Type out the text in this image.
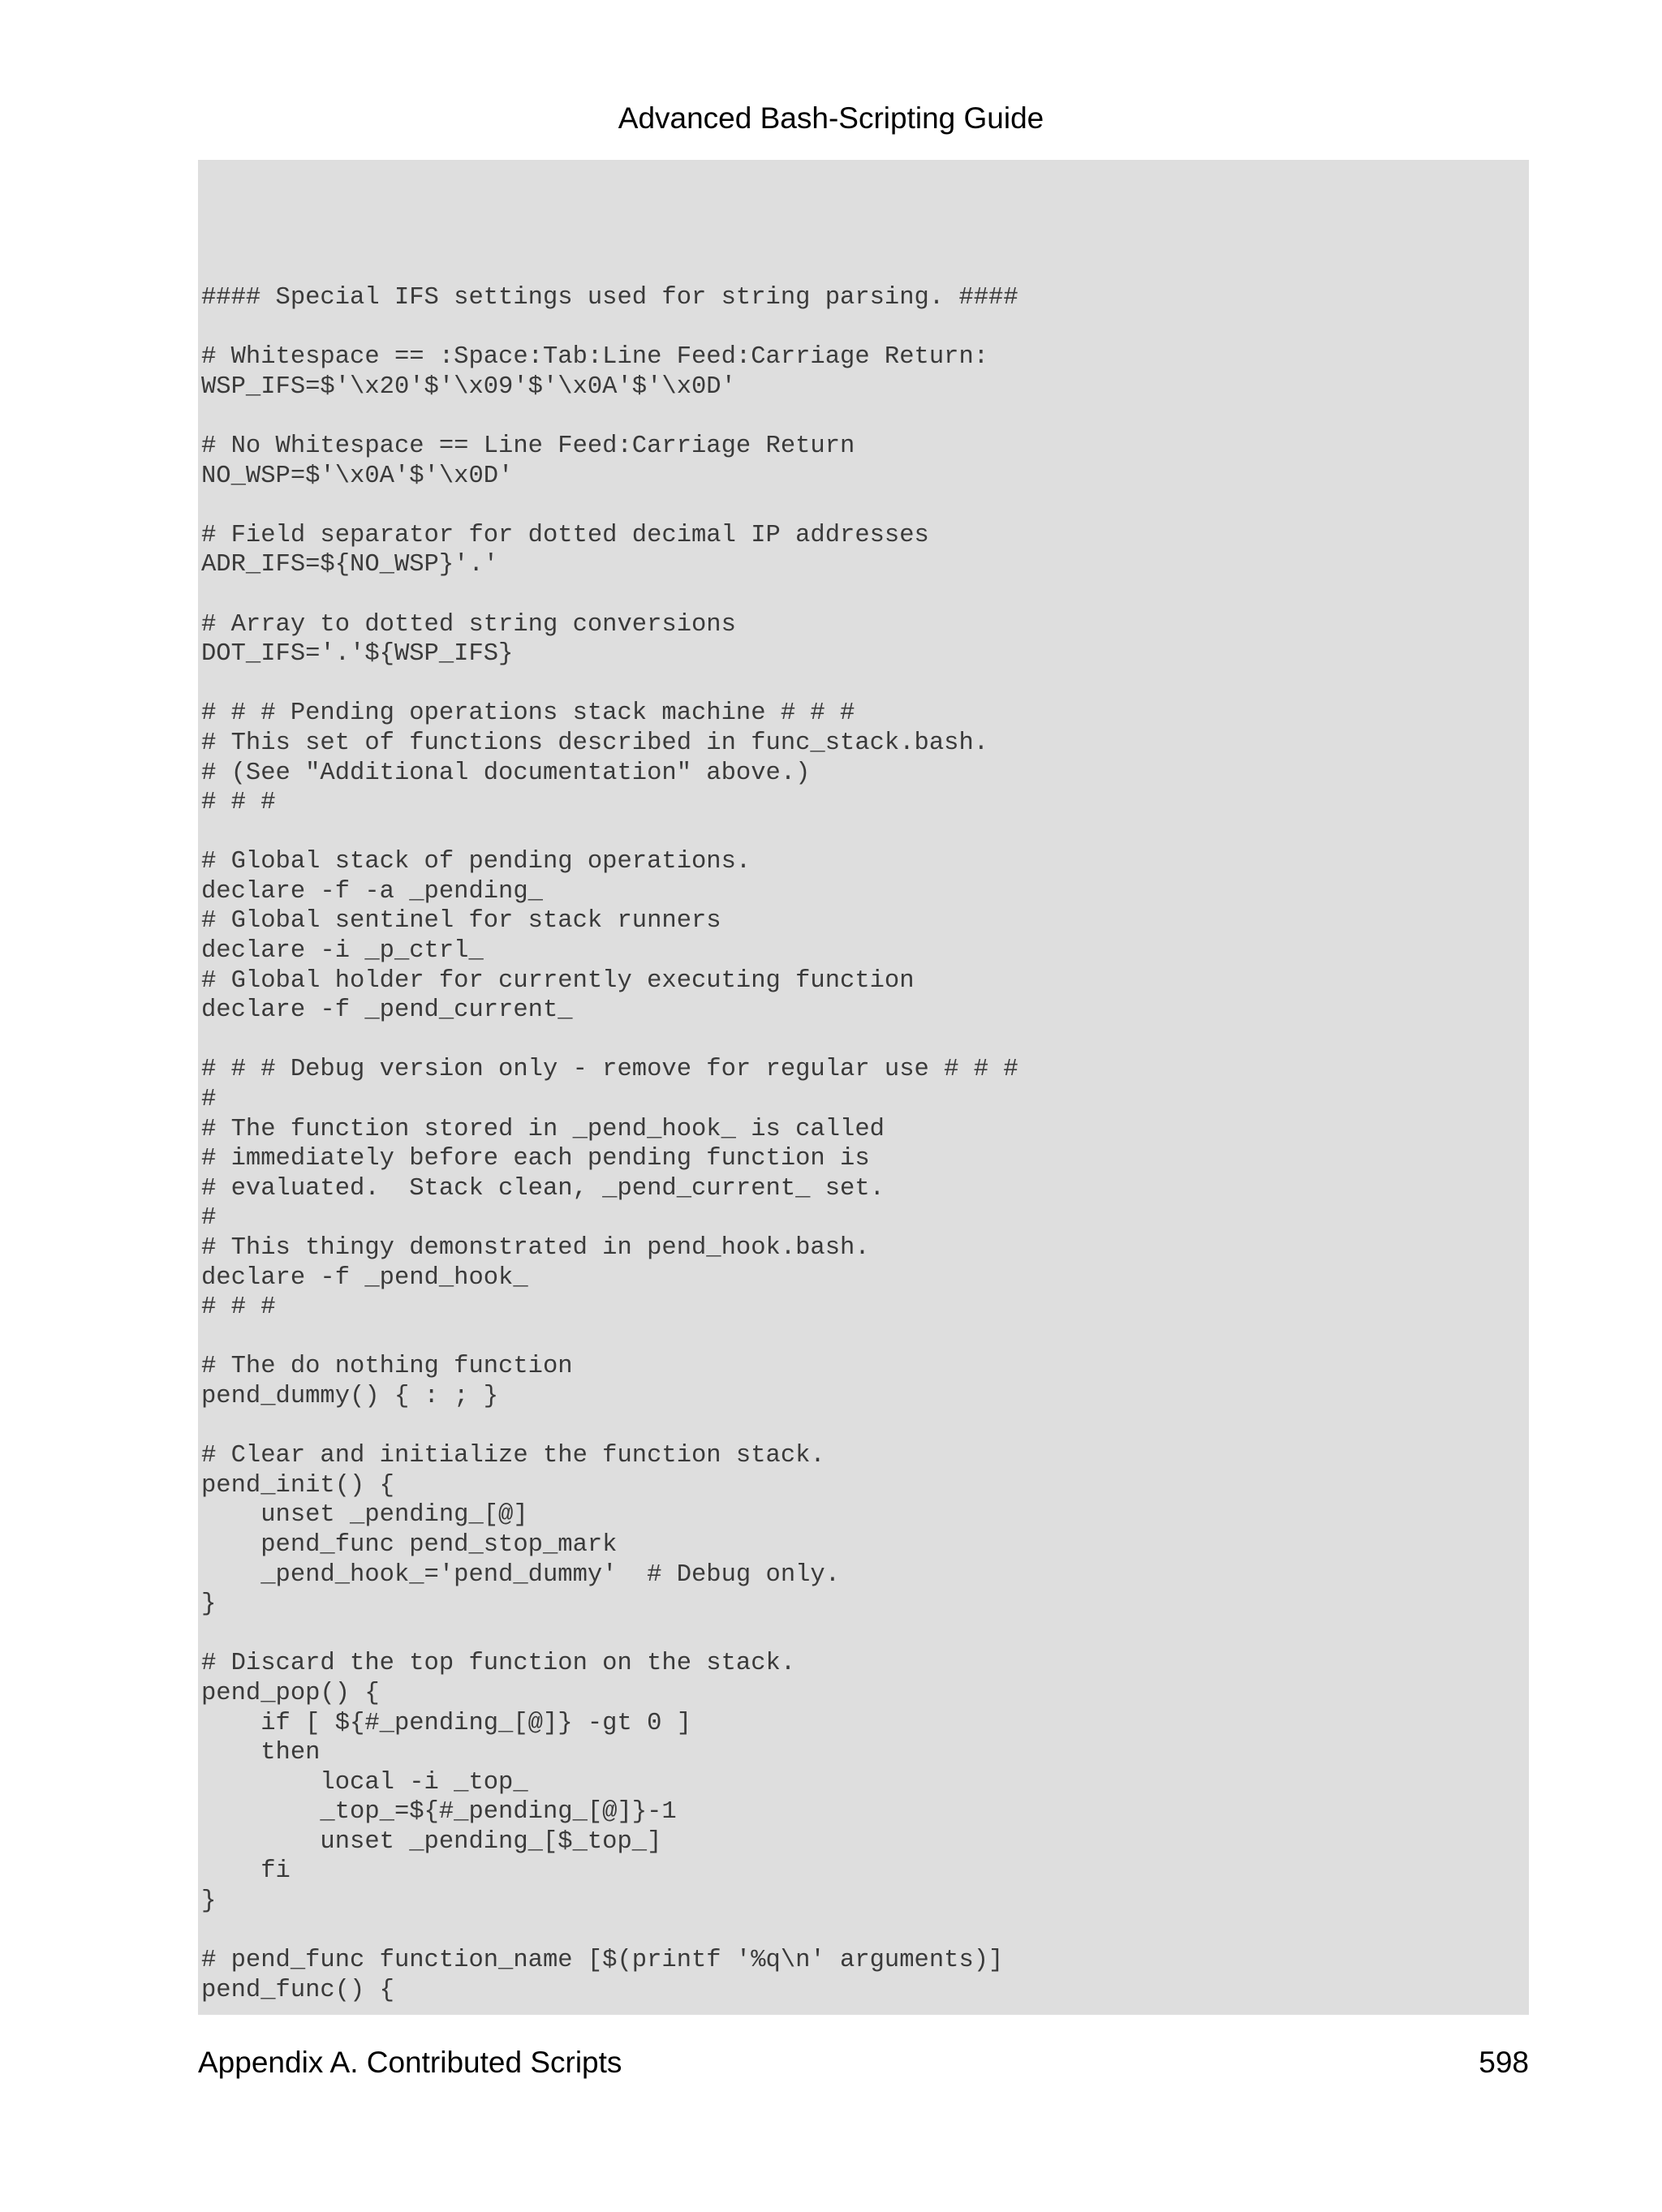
Advanced Bash-Scripting Guide
#### Special IFS settings used for string parsing. ####
# Whitespace == :Space:Tab:Line Feed:Carriage Return:
WSP_IFS=$'\x20'$'\x09'$'\x0A'$'\x0D'
# No Whitespace == Line Feed:Carriage Return
NO_WSP=$'\x0A'$'\x0D'
# Field separator for dotted decimal IP addresses
ADR_IFS=${NO_WSP}'.'
# Array to dotted string conversions
DOT_IFS='.'${WSP_IFS}
# # # Pending operations stack machine # # #
# This set of functions described in func_stack.bash.
# (See "Additional documentation" above.)
# # #
# Global stack of pending operations.
declare -f -a _pending_
# Global sentinel for stack runners
declare -i _p_ctrl_
# Global holder for currently executing function
declare -f _pend_current_
# # # Debug version only - remove for regular use # # #
#
# The function stored in _pend_hook_ is called
# immediately before each pending function is
# evaluated.  Stack clean, _pend_current_ set.
#
# This thingy demonstrated in pend_hook.bash.
declare -f _pend_hook_
# # #
# The do nothing function
pend_dummy() { : ; }
# Clear and initialize the function stack.
pend_init() {
unset _pending_[@]
pend_func pend_stop_mark
_pend_hook_='pend_dummy'  # Debug only.
}
# Discard the top function on the stack.
pend_pop() {
if [ ${#_pending_[@]} -gt 0 ]
then
local -i _top_
_top_=${#_pending_[@]}-1
unset _pending_[$_top_]
fi
}
# pend_func function_name [$(printf '%q\n' arguments)]
pend_func() {
Appendix A. Contributed Scripts	598
